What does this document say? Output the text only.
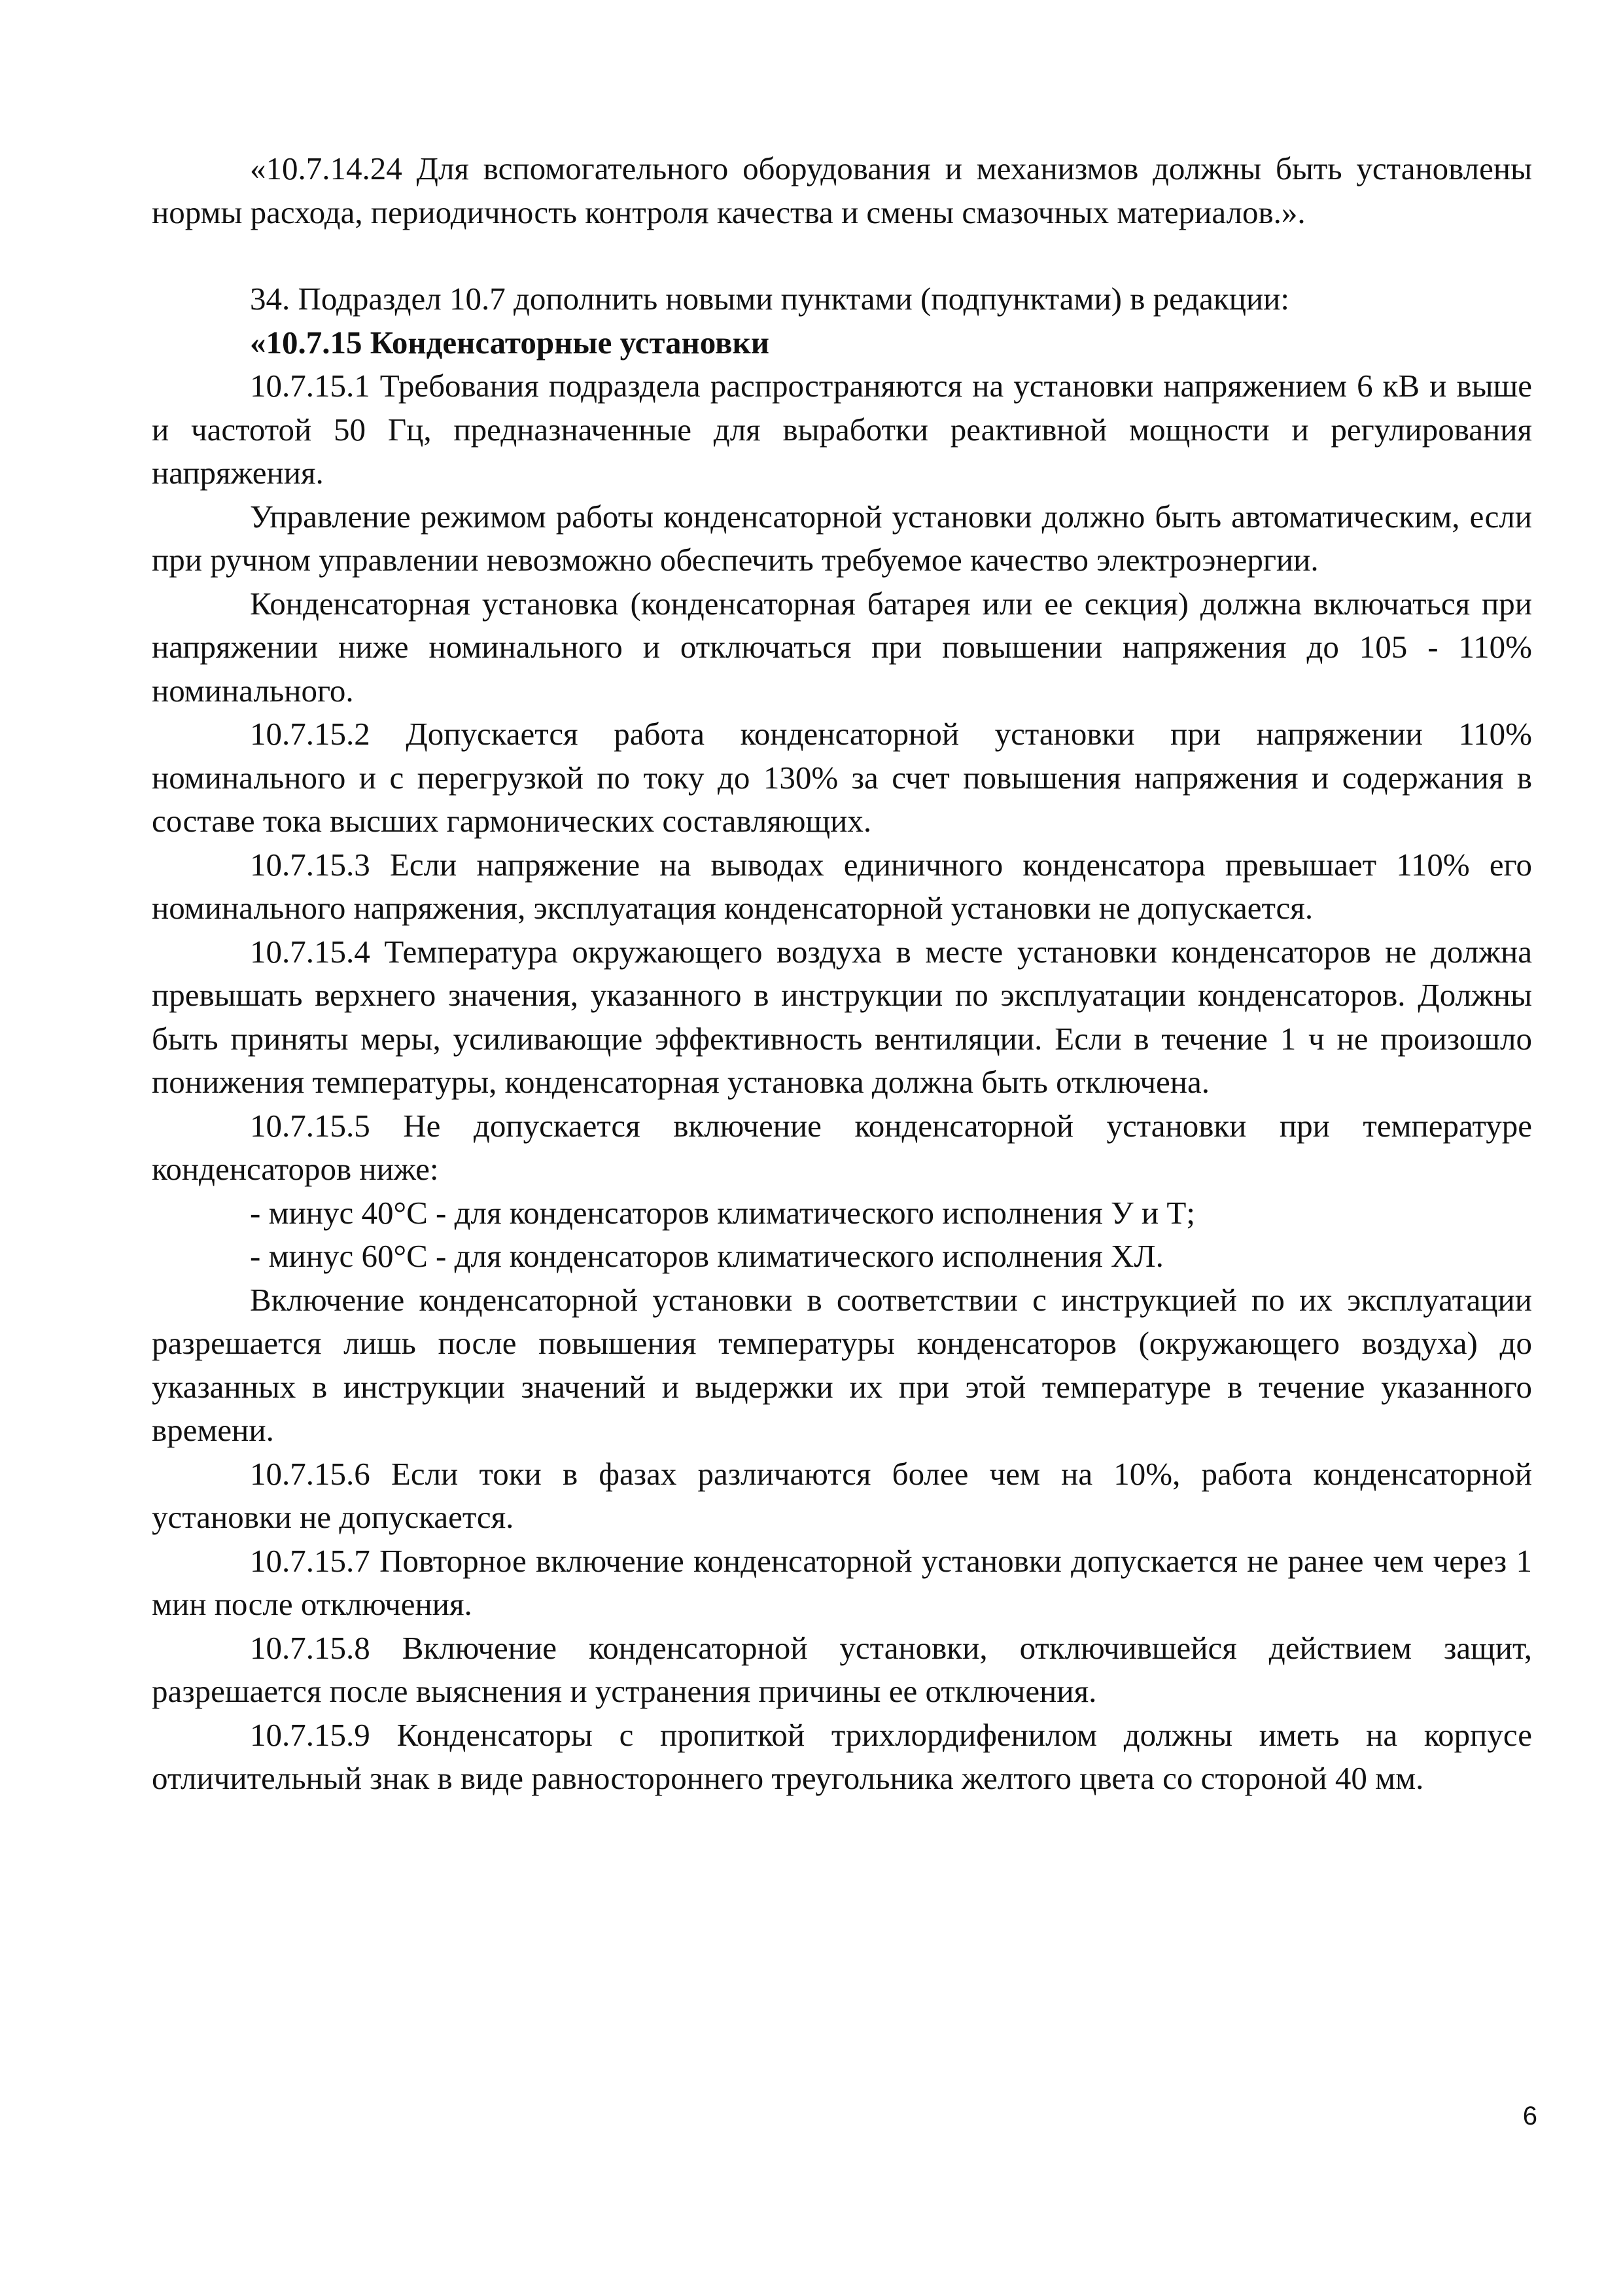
«10.7.14.24 Для вспомогательного оборудования и механизмов должны быть установлены нормы расхода, периодичность контроля качества и смены смазочных материалов.».

34. Подраздел 10.7 дополнить новыми пунктами (подпунктами) в редакции:

«10.7.15 Конденсаторные установки

10.7.15.1 Требования подраздела распространяются на установки напряжением 6 кВ и выше и частотой 50 Гц, предназначенные для выработки реактивной мощности и регулирования напряжения.

Управление режимом работы конденсаторной установки должно быть автоматическим, если при ручном управлении невозможно обеспечить требуемое качество электроэнергии.

Конденсаторная установка (конденсаторная батарея или ее секция) должна включаться при напряжении ниже номинального и отключаться при повышении напряжения до 105 - 110% номинального.

10.7.15.2 Допускается работа конденсаторной установки при напряжении 110% номинального и с перегрузкой по току до 130% за счет повышения напряжения и содержания в составе тока высших гармонических составляющих.

10.7.15.3 Если напряжение на выводах единичного конденсатора превышает 110% его номинального напряжения, эксплуатация конденсаторной установки не допускается.

10.7.15.4 Температура окружающего воздуха в месте установки конденсаторов не должна превышать верхнего значения, указанного в инструкции по эксплуатации конденсаторов. Должны быть приняты меры, усиливающие эффективность вентиляции. Если в течение 1 ч не произошло понижения температуры, конденсаторная установка должна быть отключена.

10.7.15.5 Не допускается включение конденсаторной установки при температуре конденсаторов ниже:

- минус 40°С - для конденсаторов климатического исполнения У и Т;

- минус 60°С - для конденсаторов климатического исполнения ХЛ.

Включение конденсаторной установки в соответствии с инструкцией по их эксплуатации разрешается лишь после повышения температуры конденсаторов (окружающего воздуха) до указанных в инструкции значений и выдержки их при этой температуре в течение указанного времени.

10.7.15.6 Если токи в фазах различаются более чем на 10%, работа конденсаторной установки не допускается.

10.7.15.7 Повторное включение конденсаторной установки допускается не ранее чем через 1 мин после отключения.

10.7.15.8 Включение конденсаторной установки, отключившейся действием защит, разрешается после выяснения и устранения причины ее отключения.

10.7.15.9 Конденсаторы с пропиткой трихлордифенилом должны иметь на корпусе отличительный знак в виде равностороннего треугольника желтого цвета со стороной 40 мм.

6
